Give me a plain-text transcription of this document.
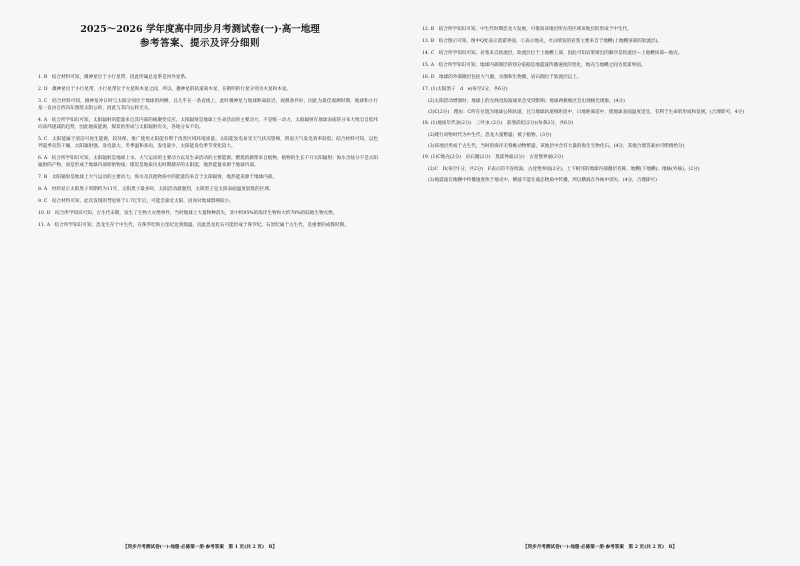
2025～2026 学年度高中同步月考测试卷(一)·高一地理
参考答案、提示及评分细则

1. B　结合材料可知，摄神星位于小行星带，因此所属总星系是河外星系。

2. D　摄神星位于小行星带，小行星带位于火星和木星之间，所以，摄神星的轨道离木星，在稍明的行星分别为火星和木星。

3. C　结合材料可知，摄神星冲日时与太阳分别位于地球的两侧，且几乎在一条直线上，此时摄神星与地球距离较近，观测条件好，因此为最佳观测时期，地球和小行星一直由自西向东围绕太阳公转，因此与其向公转无关。

4. A　结合所学知识可知，太阳辐射的能量来自其内部的核聚变反应。太阳辐射是地球上生命活动的主要动力，不是唯一动力，太阳辐射在地球表面的分布大致呈自低纬向高纬递减的趋势，因此地质能源，煤炭的形成与太阳辐射有关，各地分布不均。

5. C　太阳能属于清洁可再生能源，较环保，推广使用太阳能有利于改善区域环境质量。太阳能发电易受天气状况影响，阴雨天气发电效率较低；结合材料可知，以色列夏季炎热干燥，太阳辐射强，发电量大，冬季温和多雨，发电量少，太阳能发电季节变化较大。

6. A　结合所学知识可知，太阳辐射是地球上水、大气运动的主要动力以及生命活动的主要能源。燃烧的薪柴来自植物，植物的生长不开太阳辐射；海水含盐分不是太阳辐射的产物，而是形成于地球内部原始物质；煤炭是地质历史时期储存的太阳能，地热能量来源于地球内部。

7. B　太阳辐射是地球上大气运动的主要动力，海水及其他物质中的能量均来自于太阳辐射，地热能来源于地球内部。

8. A　材料显示太阳黑子周期约为11年，太阳黑子最多时，太阳活动最强烈，太阳黑子是太阳表面温度较低的区域。

9. C　结合材料可知，此次发现的彗星将于1.7亿年后，可能会靠近太阳，因而对地球影响较小。

10. D　结合所学知识可知，古生代末期，发生了生物大灭绝事件，当时地球上大量物种消失，其中约95%的海洋生物和大约70%的陆地生物灭绝。

11. A　结合所学知识可知，恐龙生存于中生代，在侏罗纪和白垩纪达到鼎盛，因此恐龙化石可能形成于侏罗纪。石炭纪属于古生代，是重要的成煤时期。

【同步月考测试卷(一)·地理·必修第一册·参考答案　第 1 页(共 2 页)　R】

12. B　结合所学知识可知，中生代时期恐龙大发展，可推知该地层所在的区域该地层的形成于中生代。

13. B　结合图示可知，图中Q处表示莫霍界面，①表示地壳，火山喷发的岩浆主要来自于地幔(上地幔顶部的软流层)。

14. C　结合所学知识可知，岩浆来自软流层，软流层位于上地幔上部，因此可知岩浆喷出的顺序是软流层—上地幔顶部—地壳。

15. A　结合所学知识可知，地球内部圈层的划分依据是地震波传播速度的变化，地壳与地幔之间为莫霍界面。

16. D　地球的外部圈层包括大气圈、水圈和生物圈，岩石圈位于软流层以上。

17. (1)太阳黑子　d　e(每空2分，共6分)

(2)太阳活动增强时，地球上的无线电短波通讯会受到影响；地球两极地区会出现极光现象。(4分)

(3)C(2分)　理由：C所在位置为地球公转轨道，且与地球轨道相距适中，日地距离适中，使地球表面温度适宜，有利于生命的形成和发展。(合理即可，4分)

18. (1)地质年代表(2分)　三叶虫 (2分)　前寒武纪(2分)(每条2分，共6分)

(2)爬行动物时代为中生代，恐龙大量繁盛；被子植物。(3分)

(3)该地层形成于古生代，当时的海洋无脊椎动物繁盛，该地层中含有大量的海生生物化石。(4分，其他合理答案亦可酌情给分)

19. (1)C地壳(2分)　岩石圈(2分)　莫霍界面(2分)　古登堡界面(2分)

(2)C　D(每空1分，共2分)　F表示的不连续面，古登堡界面(2分)。上下相邻的地球内部圈层名称，地幔(下地幔)、地核(外核)。(2分)

(3)地震波在地幔中传播速度快于地壳中，横波不能在液态物质中传播，所以横波在外核中消失。(4分，合理即可)

【同步月考测试卷(一)·地理·必修第一册·参考答案　第 2 页(共 2 页)　R】
